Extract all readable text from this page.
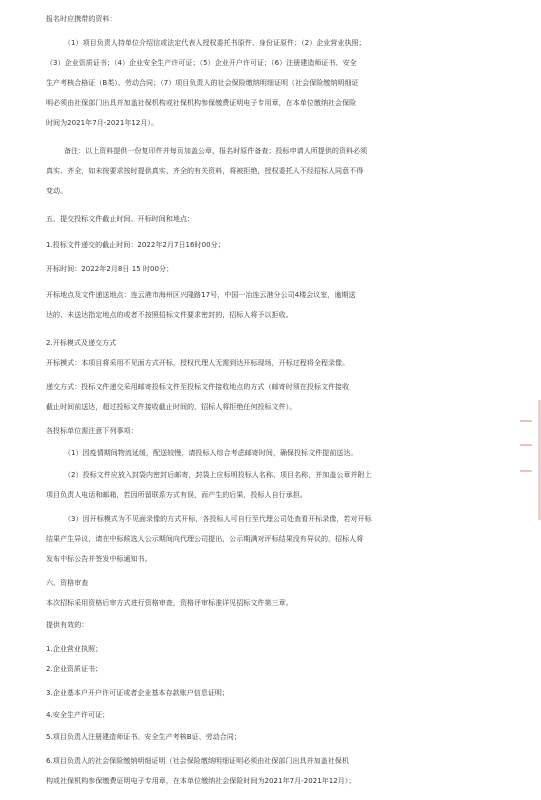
报名时应携带的资料：
（1）项目负责人持单位介绍信或法定代表人授权委托书原件、身份证原件；（2）企业营业执照；
（3）企业资质证书；（4）企业安全生产许可证；（5）企业开户许可证；（6）注册建造师证书、安全
生产考核合格证（B类）、劳动合同；（7）项目负责人的社会保险缴纳明细证明（社会保险缴纳明细证
明必须由社保部门出具并加盖社保机构或社保机构参保缴费证明电子专用章，在本单位缴纳社会保险
时间为2021年7月-2021年12月）。
备注：以上资料提供一份复印件并每页加盖公章，报名时原件备查；投标申请人所提供的资料必须
真实、齐全，如未按要求按时提供真实、齐全的有关资料，将被拒绝，授权委托人不经招标人同意不得
变动。
五、提交投标文件截止时间、开标时间和地点：
1.投标文件递交的截止时间：2022年2月7日16时00分；
开标时间：2022年2月8日 15 时00分；
开标地点及文件递送地点：连云港市海州区兴隆路17号，中国一冶连云港分公司4楼会议室，逾期送
达的、未送达指定地点的或者不按照招标文件要求密封的，招标人将予以拒收。
2.开标模式及递交方式
开标模式：本项目将采用不见面方式开标，授权代理人无需到达开标现场，开标过程将全程录像。
递交方式：投标文件递交采用邮寄投标文件至投标文件接收地点的方式（邮寄时须在投标文件接收
截止时间前送达，超过投标文件接收截止时间的，招标人将拒绝任何投标文件）。
各投标单位需注意下列事项：
（1）因疫情期间物流延缓，配送较慢，请投标人综合考虑邮寄时间，确保投标文件提前送达。
（2）投标文件应放入封袋内密封后邮寄，封袋上应标明投标人名称、项目名称，并加盖公章并附上
项目负责人电话和邮箱，若因所留联系方式有误，而产生的后果，投标人自行承担。
（3）因开标模式为不见面录像的方式开标，各投标人可自行至代理公司处查看开标录像，若对开标
结果产生异议，请在中标候选人公示期间向代理公司提出，公示期满对评标结果没有异议的，招标人将
发布中标公告并签发中标通知书。
六、资格审查
本次招标采用资格后审方式进行资格审查，资格评审标准详见招标文件第三章。
提供有效的：
1.企业营业执照；
2.企业资质证书；
3.企业基本户开户许可证或者企业基本存款账户信息证明；
4.安全生产许可证；
5.项目负责人注册建造师证书、安全生产考核B证、劳动合同；
6.项目负责人的社会保险缴纳明细证明（社会保险缴纳明细证明必须由社保部门出具并加盖社保机
构或社保机构参保缴费证明电子专用章，在本单位缴纳社会保险时间为2021年7月-2021年12月）；
